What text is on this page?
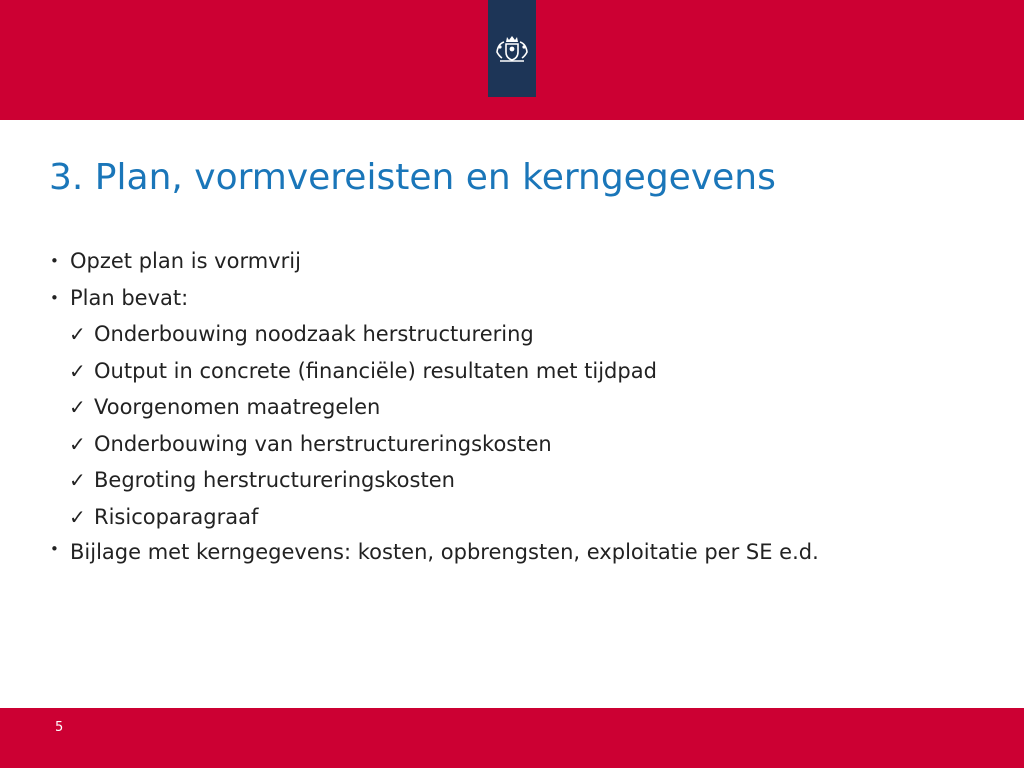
3. Plan, vormvereisten en kerngegevens
• Opzet plan is vormvrij
• Plan bevat:
✓ Onderbouwing noodzaak herstructurering
✓ Output in concrete (financiële) resultaten met tijdpad
✓ Voorgenomen maatregelen
✓ Onderbouwing van herstructureringskosten
✓ Begroting herstructureringskosten
✓ Risicoparagraaf
• Bijlage met kerngegevens: kosten, opbrengsten, exploitatie per SE e.d.
5
